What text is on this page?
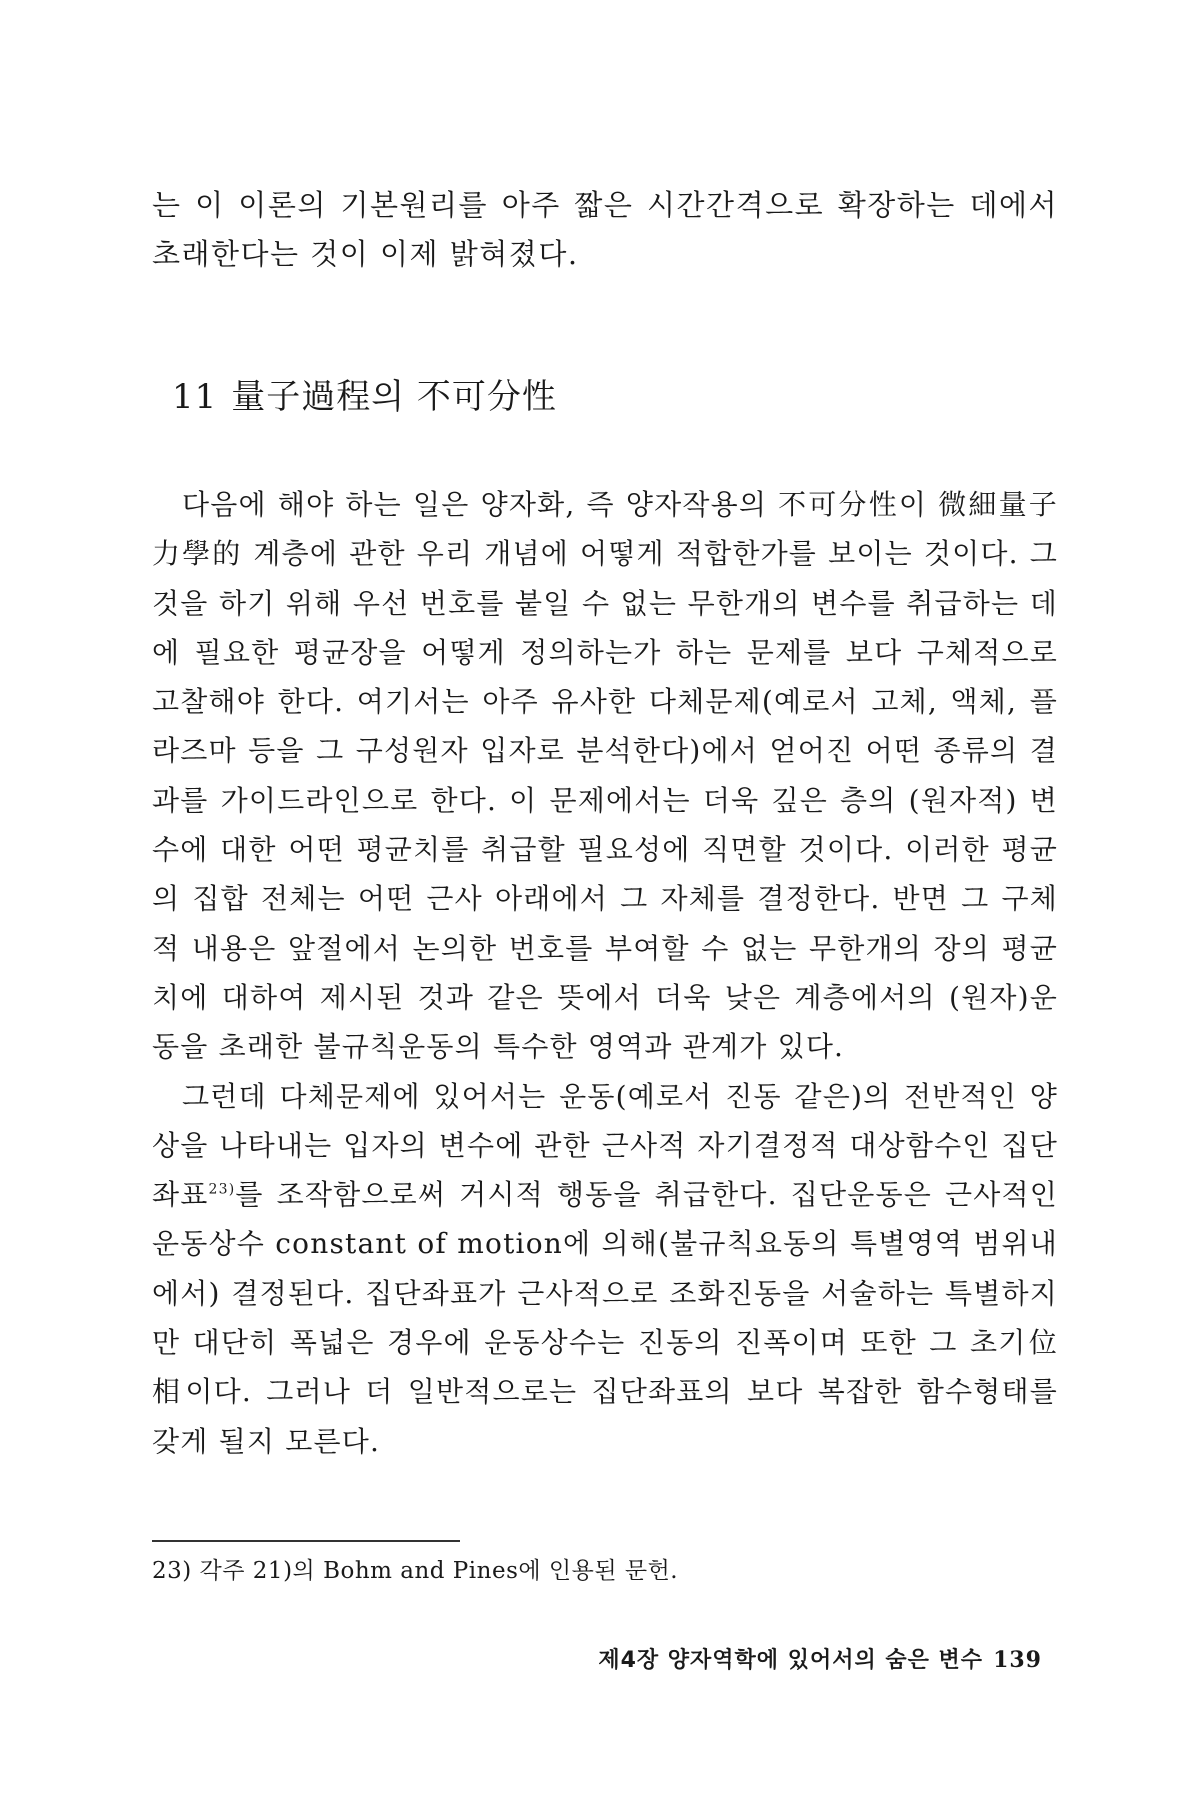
는 이 이론의 기본원리를 아주 짧은 시간간격으로 확장하는 데에서 초래한다는 것이 이제 밝혀졌다.

11 量子過程의 不可分性

다음에 해야 하는 일은 양자화, 즉 양자작용의 不可分性이 微細量子力學的 계층에 관한 우리 개념에 어떻게 적합한가를 보이는 것이다. 그것을 하기 위해 우선 번호를 붙일 수 없는 무한개의 변수를 취급하는 데에 필요한 평균장을 어떻게 정의하는가 하는 문제를 보다 구체적으로 고찰해야 한다. 여기서는 아주 유사한 다체문제(예로서 고체, 액체, 플라즈마 등을 그 구성원자 입자로 분석한다)에서 얻어진 어떤 종류의 결과를 가이드라인으로 한다. 이 문제에서는 더욱 깊은 층의 (원자적) 변수에 대한 어떤 평균치를 취급할 필요성에 직면할 것이다. 이러한 평균의 집합 전체는 어떤 근사 아래에서 그 자체를 결정한다. 반면 그 구체적 내용은 앞절에서 논의한 번호를 부여할 수 없는 무한개의 장의 평균치에 대하여 제시된 것과 같은 뜻에서 더욱 낮은 계층에서의 (원자)운동을 초래한 불규칙운동의 특수한 영역과 관계가 있다.

그런데 다체문제에 있어서는 운동(예로서 진동 같은)의 전반적인 양상을 나타내는 입자의 변수에 관한 근사적 자기결정적 대상함수인 집단좌표$^{23)}$를 조작함으로써 거시적 행동을 취급한다. 집단운동은 근사적인 운동상수 constant of motion에 의해(불규칙요동의 특별영역 범위내에서) 결정된다. 집단좌표가 근사적으로 조화진동을 서술하는 특별하지만 대단히 폭넓은 경우에 운동상수는 진동의 진폭이며 또한 그 초기位相이다. 그러나 더 일반적으로는 집단좌표의 보다 복잡한 함수형태를 갖게 될지 모른다.

23) 각주 21)의 Bohm and Pines에 인용된 문헌.
제4장 양자역학에 있어서의 숨은 변수 139
